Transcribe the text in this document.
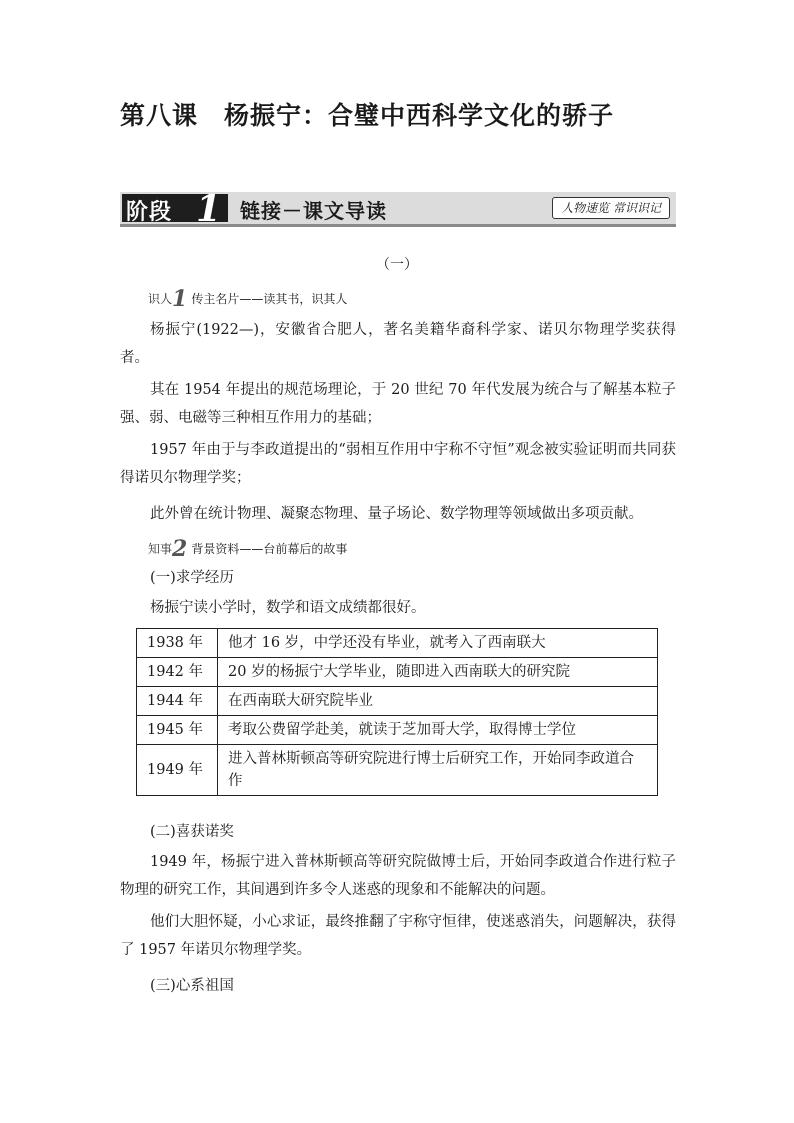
第八课 杨振宁：合璧中西科学文化的骄子
阶段 1 链接－课文导读	人物速览 常识识记
（一）
识人1 传主名片——读其书，识其人
杨振宁(1922—)，安徽省合肥人，著名美籍华裔科学家、诺贝尔物理学奖获得者。
其在 1954 年提出的规范场理论，于 20 世纪 70 年代发展为统合与了解基本粒子强、弱、电磁等三种相互作用力的基础；
1957 年由于与李政道提出的“弱相互作用中宇称不守恒”观念被实验证明而共同获得诺贝尔物理学奖；
此外曾在统计物理、凝聚态物理、量子场论、数学物理等领域做出多项贡献。
知事2 背景资料——台前幕后的故事
(一)求学经历
杨振宁读小学时，数学和语文成绩都很好。
1938 年	他才 16 岁，中学还没有毕业，就考入了西南联大
1942 年	20 岁的杨振宁大学毕业，随即进入西南联大的研究院
1944 年	在西南联大研究院毕业
1945 年	考取公费留学赴美，就读于芝加哥大学，取得博士学位
1949 年	进入普林斯顿高等研究院进行博士后研究工作，开始同李政道合作
(二)喜获诺奖
1949 年，杨振宁进入普林斯顿高等研究院做博士后，开始同李政道合作进行粒子物理的研究工作，其间遇到许多令人迷惑的现象和不能解决的问题。
他们大胆怀疑，小心求证，最终推翻了宇称守恒律，使迷惑消失，问题解决，获得了 1957 年诺贝尔物理学奖。
(三)心系祖国
